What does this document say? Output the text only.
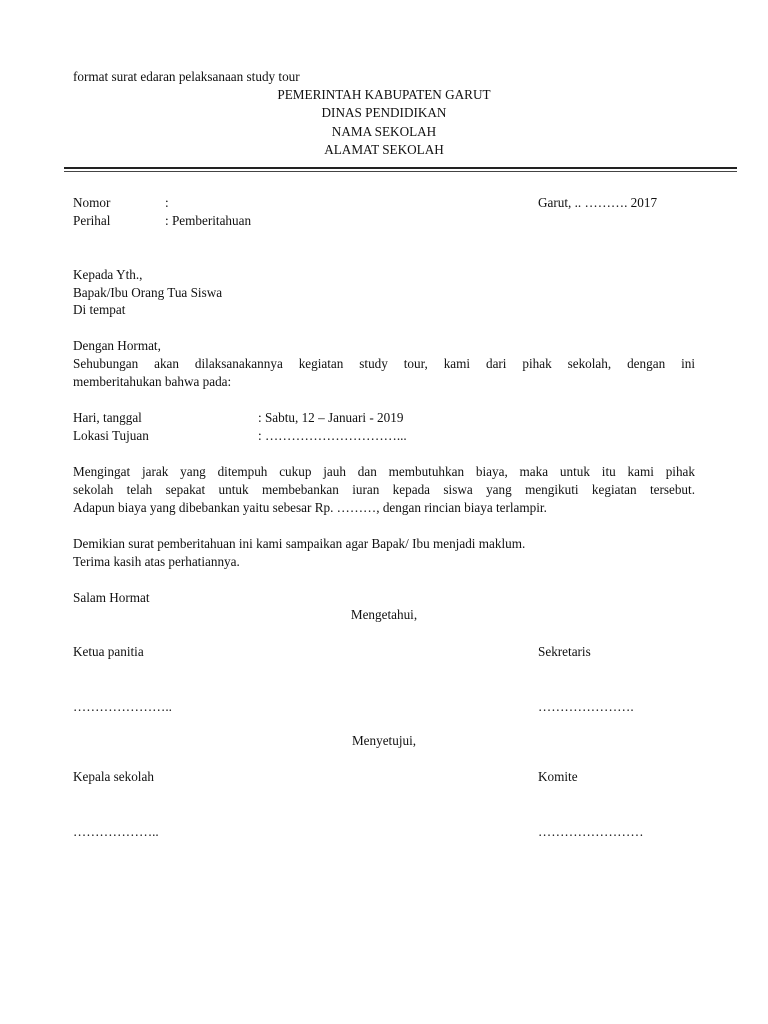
format surat edaran pelaksanaan study tour
PEMERINTAH KABUPATEN GARUT
DINAS PENDIDIKAN
NAMA SEKOLAH
ALAMAT SEKOLAH
Nomor	:	Garut, .. ………. 2017
Perihal	: Pemberitahuan
Kepada Yth.,
Bapak/Ibu Orang Tua Siswa
Di tempat
Dengan Hormat,
Sehubungan akan dilaksanakannya kegiatan study tour, kami dari pihak sekolah, dengan ini
memberitahukan bahwa pada:
Hari, tanggal	: Sabtu, 12 – Januari - 2019
Lokasi Tujuan	: …………………………...
Mengingat jarak yang ditempuh cukup jauh dan membutuhkan biaya, maka untuk itu kami pihak
sekolah telah sepakat untuk membebankan iuran kepada siswa yang mengikuti kegiatan tersebut.
Adapun biaya yang dibebankan yaitu sebesar Rp. ………, dengan rincian biaya terlampir.
Demikian surat pemberitahuan ini kami sampaikan agar Bapak/ Ibu menjadi maklum.
Terima kasih atas perhatiannya.
Salam Hormat
Mengetahui,
Ketua panitia	Sekretaris
…………………..	………………….
Menyetujui,
Kepala sekolah	Komite
………………..	……………………
